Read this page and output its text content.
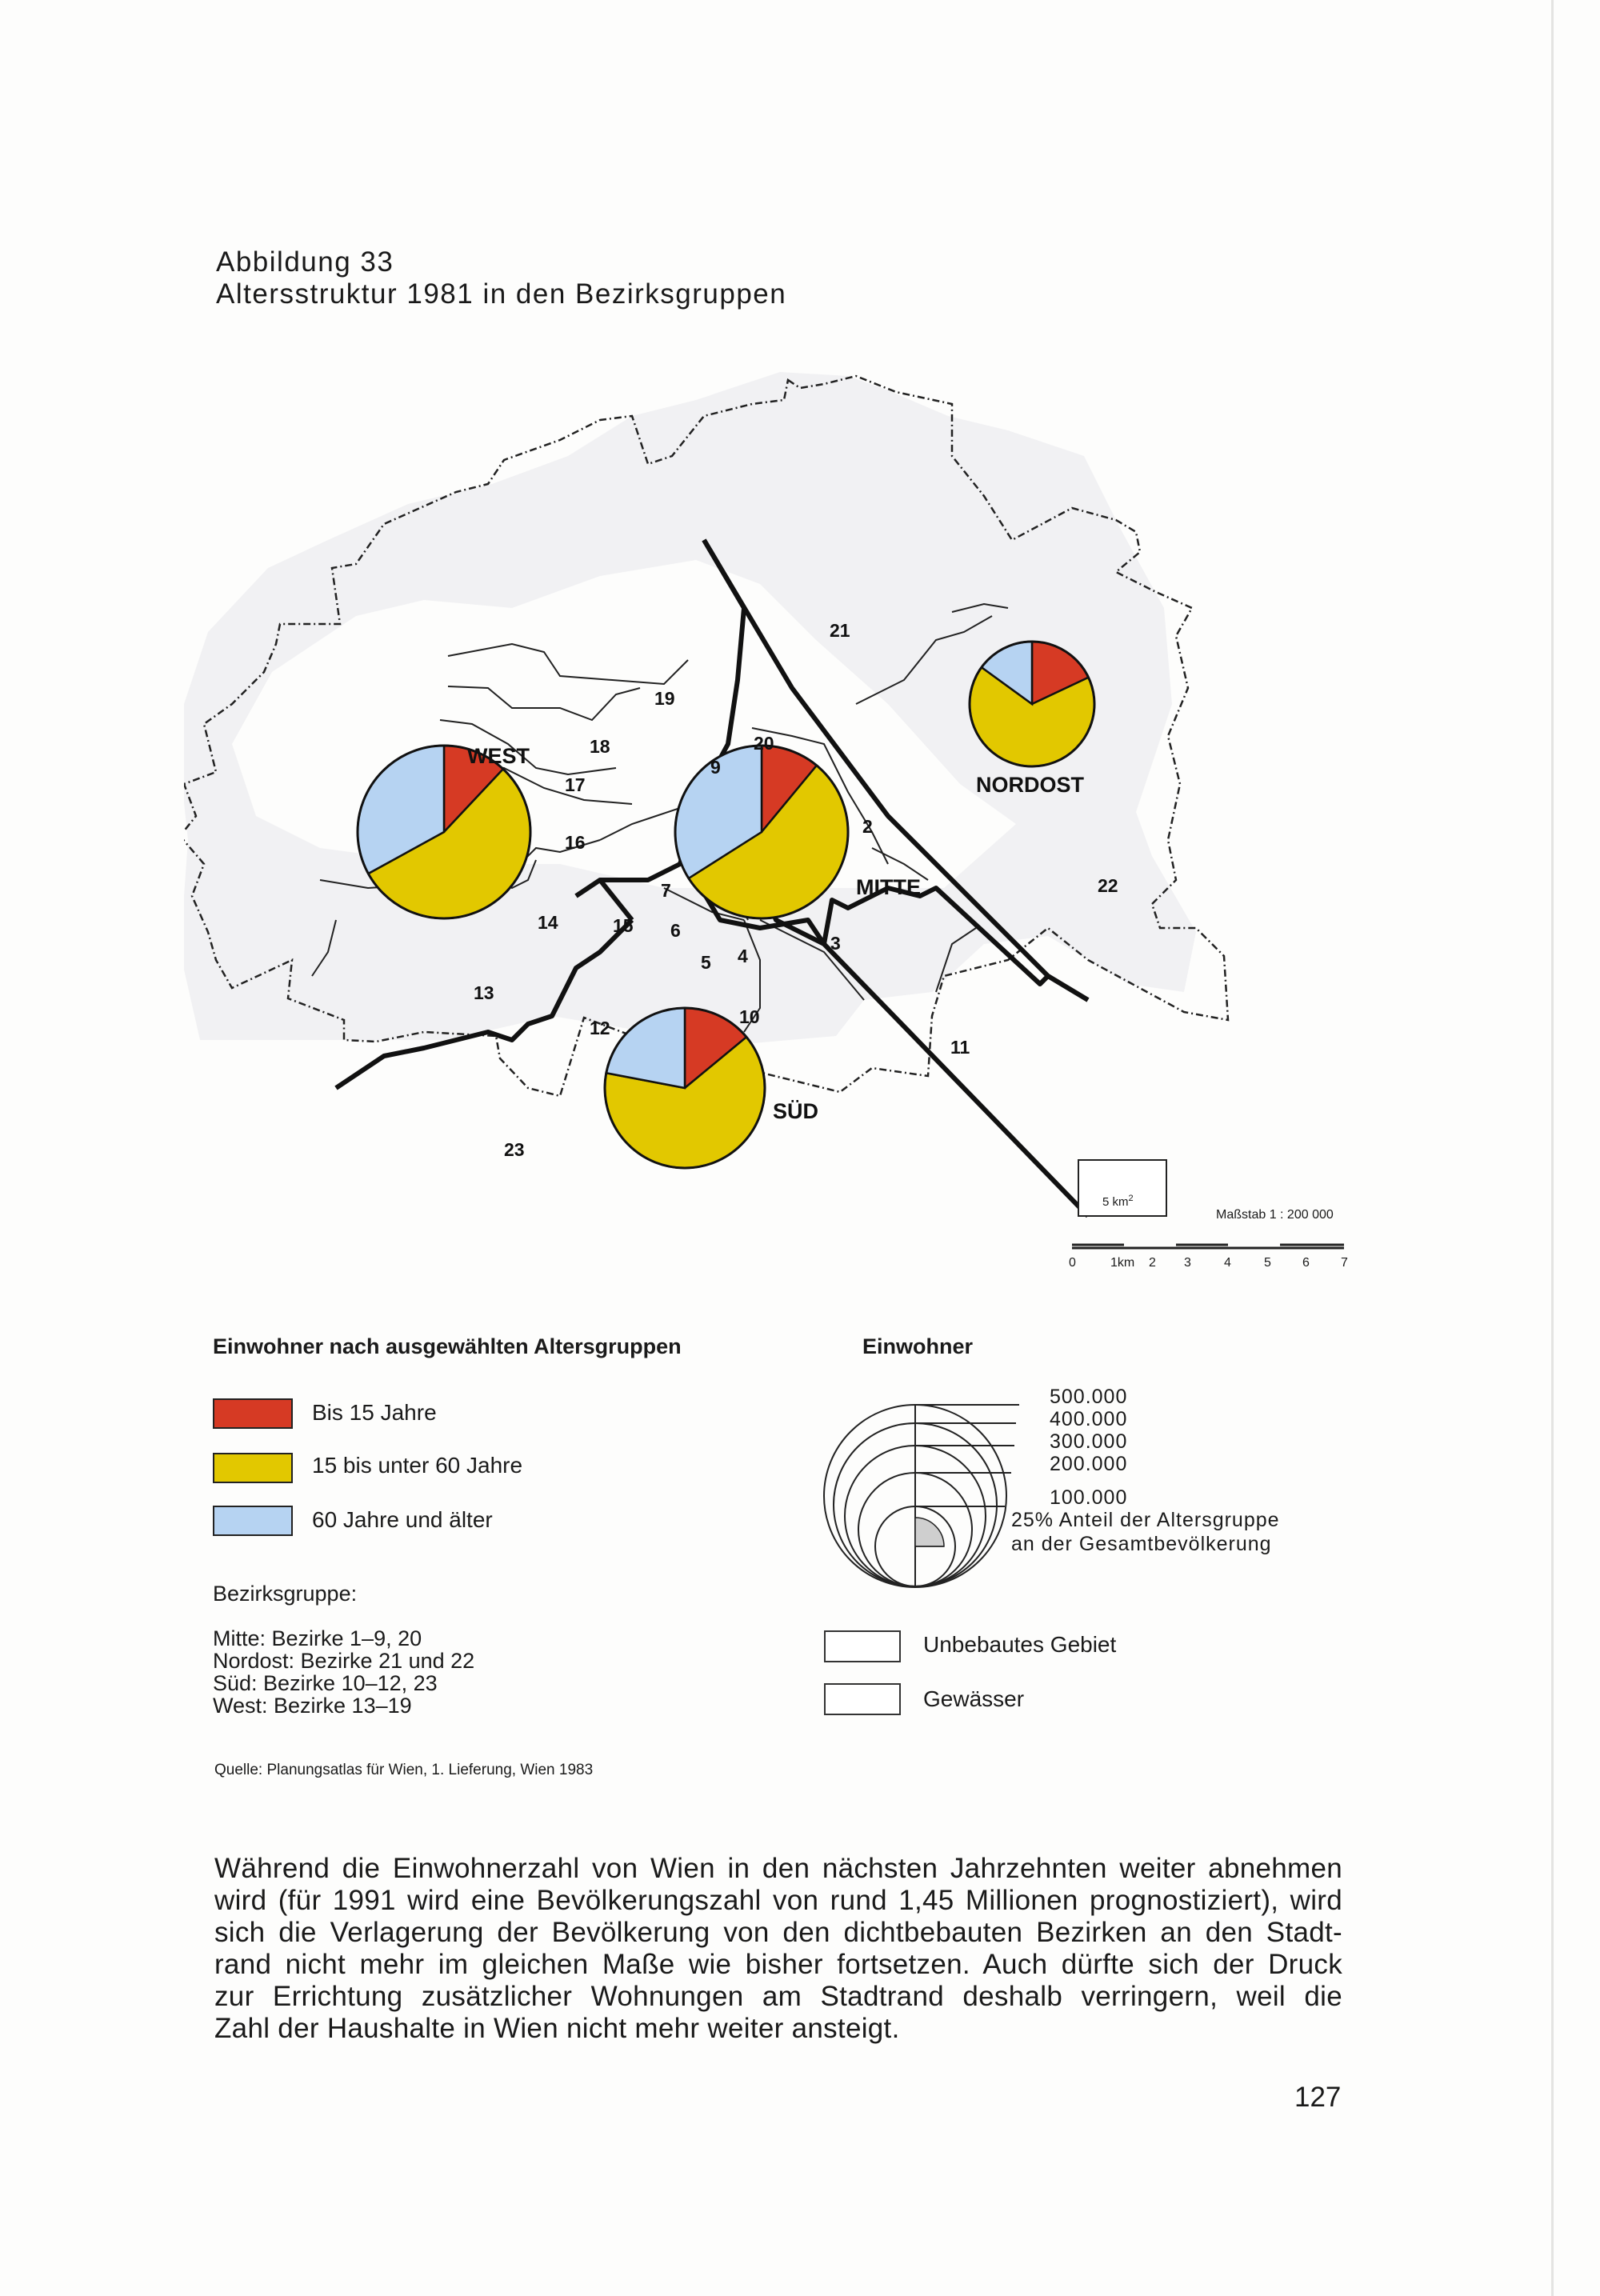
Abbildung 33
Altersstruktur 1981 in den Bezirksgruppen
21
19
18
17
16
14	15
13
12
23
20
9
2
7
6
5 4
3
10
11
22
WEST
MITTE
NORDOST
SÜD
5 $km^2$
Maßstab 1 : 200 000
0	1km 2 3	4	5 6 7
Einwohner nach ausgewählten Altersgruppen
Bis 15 Jahre
15 bis unter 60 Jahre
60 Jahre und älter
Bezirksgruppe:
Mitte: Bezirke 1–9, 20
Nordost: Bezirke 21 und 22
Süd: Bezirke 10–12, 23
West: Bezirke 13–19
Einwohner
500.000
400.000
300.000
200.000
100.000
25% Anteil der Altersgruppe
an der Gesamtbevölkerung
Unbebautes Gebiet
Gewässer
Quelle: Planungsatlas für Wien, 1. Lieferung, Wien 1983
Während die Einwohnerzahl von Wien in den nächsten Jahrzehnten weiter abnehmen
wird (für 1991 wird eine Bevölkerungszahl von rund 1,45 Millionen prognostiziert), wird
sich die Verlagerung der Bevölkerung von den dichtbebauten Bezirken an den Stadt-
rand nicht mehr im gleichen Maße wie bisher fortsetzen. Auch dürfte sich der Druck
zur Errichtung zusätzlicher Wohnungen am Stadtrand deshalb verringern, weil die
Zahl der Haushalte in Wien nicht mehr weiter ansteigt.
127
